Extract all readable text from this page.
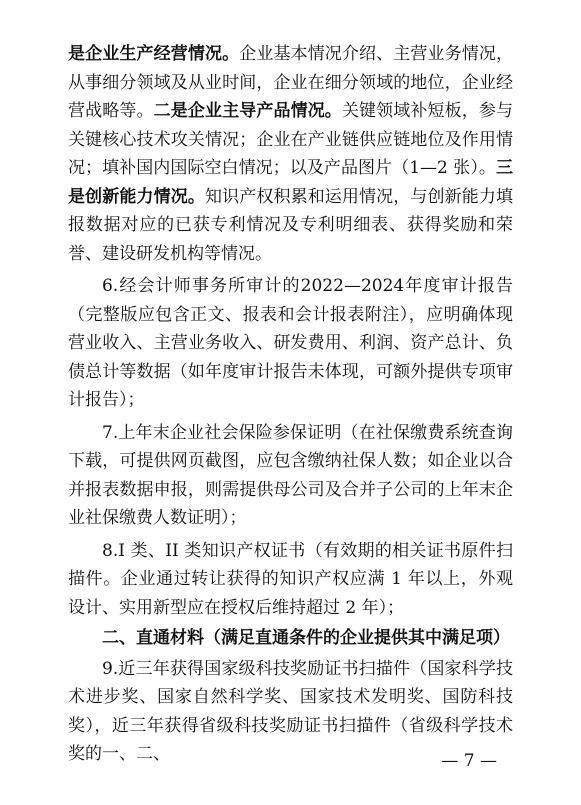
是企业生产经营情况。企业基本情况介绍、主营业务情况，从事细分领域及从业时间，企业在细分领域的地位，企业经营战略等。二是企业主导产品情况。关键领域补短板，参与关键核心技术攻关情况；企业在产业链供应链地位及作用情况；填补国内国际空白情况；以及产品图片（1—2 张）。三是创新能力情况。知识产权积累和运用情况，与创新能力填报数据对应的已获专利情况及专利明细表、获得奖励和荣誉、建设研发机构等情况。

6.经会计师事务所审计的2022—2024年度审计报告（完整版应包含正文、报表和会计报表附注），应明确体现营业收入、主营业务收入、研发费用、利润、资产总计、负债总计等数据（如年度审计报告未体现，可额外提供专项审计报告）；

7.上年末企业社会保险参保证明（在社保缴费系统查询下载，可提供网页截图，应包含缴纳社保人数；如企业以合并报表数据申报，则需提供母公司及合并子公司的上年末企业社保缴费人数证明）；

8.I 类、II 类知识产权证书（有效期的相关证书原件扫描件。企业通过转让获得的知识产权应满 1 年以上，外观设计、实用新型应在授权后维持超过 2 年）；

二、直通材料（满足直通条件的企业提供其中满足项）

9.近三年获得国家级科技奖励证书扫描件（国家科学技术进步奖、国家自然科学奖、国家技术发明奖、国防科技奖），近三年获得省级科技奖励证书扫描件（省级科学技术奖的一、二、	— 7 —
